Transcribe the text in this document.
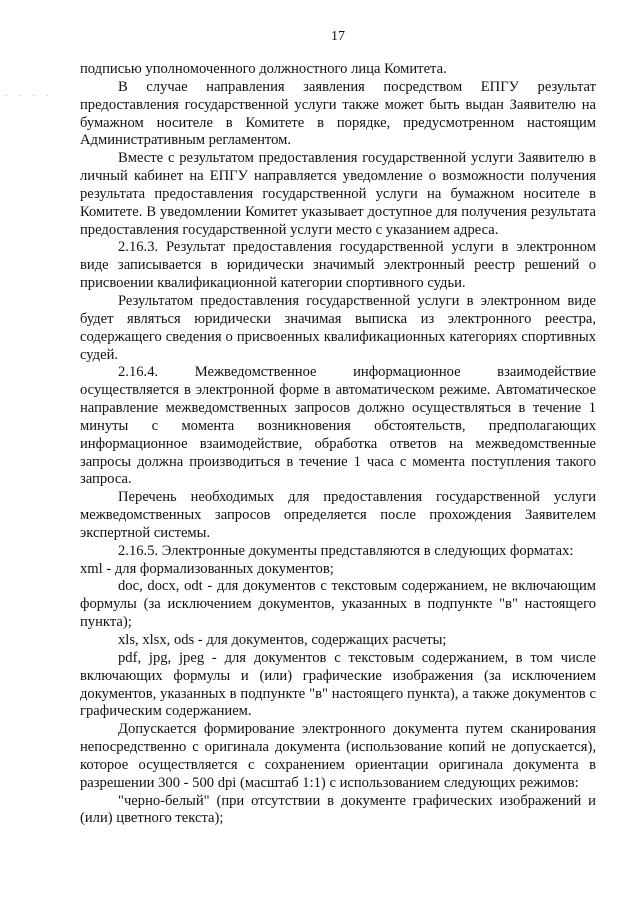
· · · ·
17

подписью уполномоченного должностного лица Комитета.

В случае направления заявления посредством ЕПГУ результат предоставления государственной услуги также может быть выдан Заявителю на бумажном носителе в Комитете в порядке, предусмотренном настоящим Административным регламентом.

Вместе с результатом предоставления государственной услуги Заявителю в личный кабинет на ЕПГУ направляется уведомление о возможности получения результата предоставления государственной услуги на бумажном носителе в Комитете. В уведомлении Комитет указывает доступное для получения результата предоставления государственной услуги место с указанием адреса.

2.16.3. Результат предоставления государственной услуги в электронном виде записывается в юридически значимый электронный реестр решений о присвоении квалификационной категории спортивного судьи.

Результатом предоставления государственной услуги в электронном виде будет являться юридически значимая выписка из электронного реестра, содержащего сведения о присвоенных квалификационных категориях спортивных судей.

2.16.4. Межведомственное информационное взаимодействие осуществляется в электронной форме в автоматическом режиме. Автоматическое направление межведомственных запросов должно осуществляться в течение 1 минуты с момента возникновения обстоятельств, предполагающих информационное взаимодействие, обработка ответов на межведомственные запросы должна производиться в течение 1 часа с момента поступления такого запроса.

Перечень необходимых для предоставления государственной услуги межведомственных запросов определяется после прохождения Заявителем экспертной системы.

2.16.5. Электронные документы представляются в следующих форматах:

xml - для формализованных документов;

doc, docx, odt - для документов с текстовым содержанием, не включающим формулы (за исключением документов, указанных в подпункте "в" настоящего пункта);

xls, xlsx, ods - для документов, содержащих расчеты;

pdf, jpg, jpeg - для документов с текстовым содержанием, в том числе включающих формулы и (или) графические изображения (за исключением документов, указанных в подпункте "в" настоящего пункта), а также документов с графическим содержанием.

Допускается формирование электронного документа путем сканирования непосредственно с оригинала документа (использование копий не допускается), которое осуществляется с сохранением ориентации оригинала документа в разрешении 300 - 500 dpi (масштаб 1:1) с использованием следующих режимов:

"черно-белый" (при отсутствии в документе графических изображений и (или) цветного текста);
